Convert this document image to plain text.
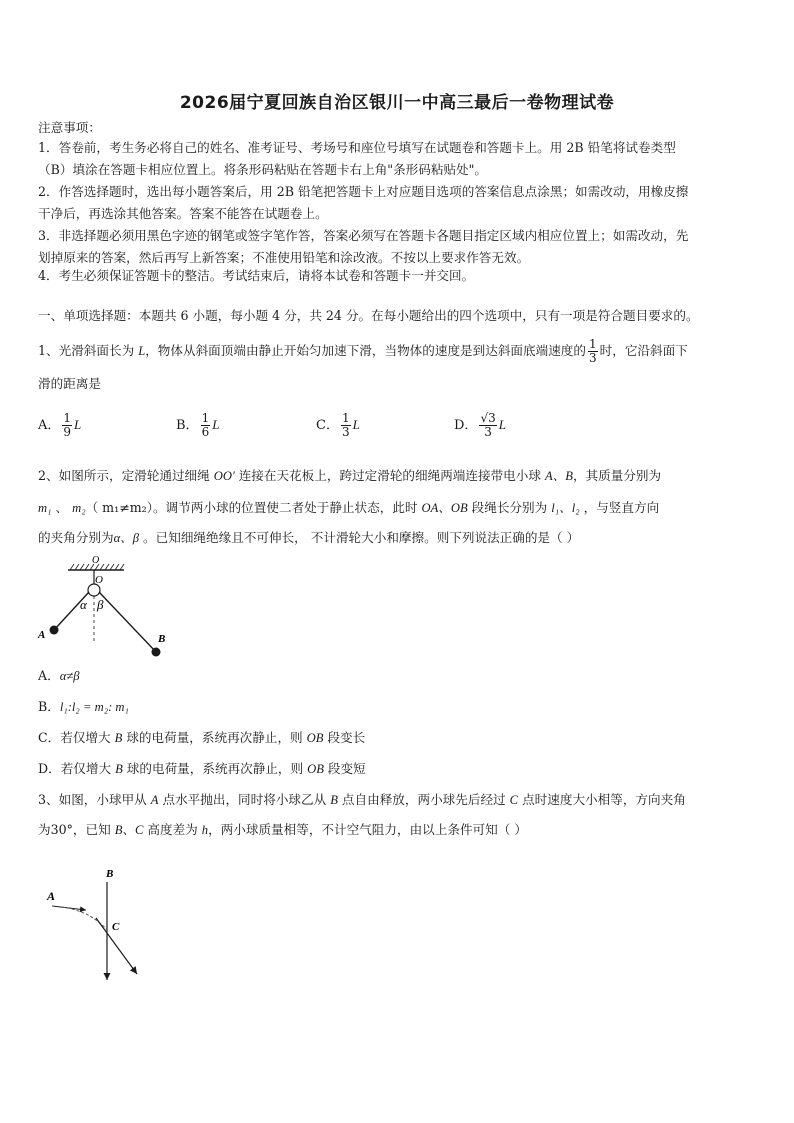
2026届宁夏回族自治区银川一中高三最后一卷物理试卷
注意事项：
1．答卷前，考生务必将自己的姓名、准考证号、考场号和座位号填写在试题卷和答题卡上。用 2B 铅笔将试卷类型
（B）填涂在答题卡相应位置上。将条形码粘贴在答题卡右上角"条形码粘贴处"。
2．作答选择题时，选出每小题答案后，用 2B 铅笔把答题卡上对应题目选项的答案信息点涂黑；如需改动，用橡皮擦
干净后，再选涂其他答案。答案不能答在试题卷上。
3．非选择题必须用黑色字迹的钢笔或签字笔作答，答案必须写在答题卡各题目指定区域内相应位置上；如需改动，先
划掉原来的答案，然后再写上新答案；不准使用铅笔和涂改液。不按以上要求作答无效。
4．考生必须保证答题卡的整洁。考试结束后，请将本试卷和答题卡一并交回。
一、单项选择题：本题共 6 小题，每小题 4 分，共 24 分。在每小题给出的四个选项中，只有一项是符合题目要求的。
1、光滑斜面长为 L，物体从斜面顶端由静止开始匀加速下滑，当物体的速度是到达斜面底端速度的 $\frac{1}{3}$ 时，它沿斜面下
滑的距离是
A． $\frac{1}{9}$ L	B． $\frac{1}{6}$ L	C． $\frac{1}{3}$ L	D． $\frac{√3}{3}$ L
2、如图所示，定滑轮通过细绳 OO′ 连接在天花板上，跨过定滑轮的细绳两端连接带电小球 A、B，其质量分别为
m₁ 、 m₂（ m₁≠m₂）。调节两小球的位置使二者处于静止状态，此时 OA、OB 段绳长分别为 l₁、l₂ ，与竖直方向
的夹角分别为α、β 。已知细绳绝缘且不可伸长， 不计滑轮大小和摩擦。则下列说法正确的是（ ）
O
O
α β
A	B
A．α≠β
B．l₁:l₂ = m₂: m₁
C．若仅增大 B 球的电荷量，系统再次静止，则 OB 段变长
D．若仅增大 B 球的电荷量，系统再次静止，则 OB 段变短
3、如图，小球甲从 A 点水平抛出，同时将小球乙从 B 点自由释放，两小球先后经过 C 点时速度大小相等，方向夹角
为30°，已知 B、C 高度差为 h，两小球质量相等，不计空气阻力，由以上条件可知（ ）
A
B
C
